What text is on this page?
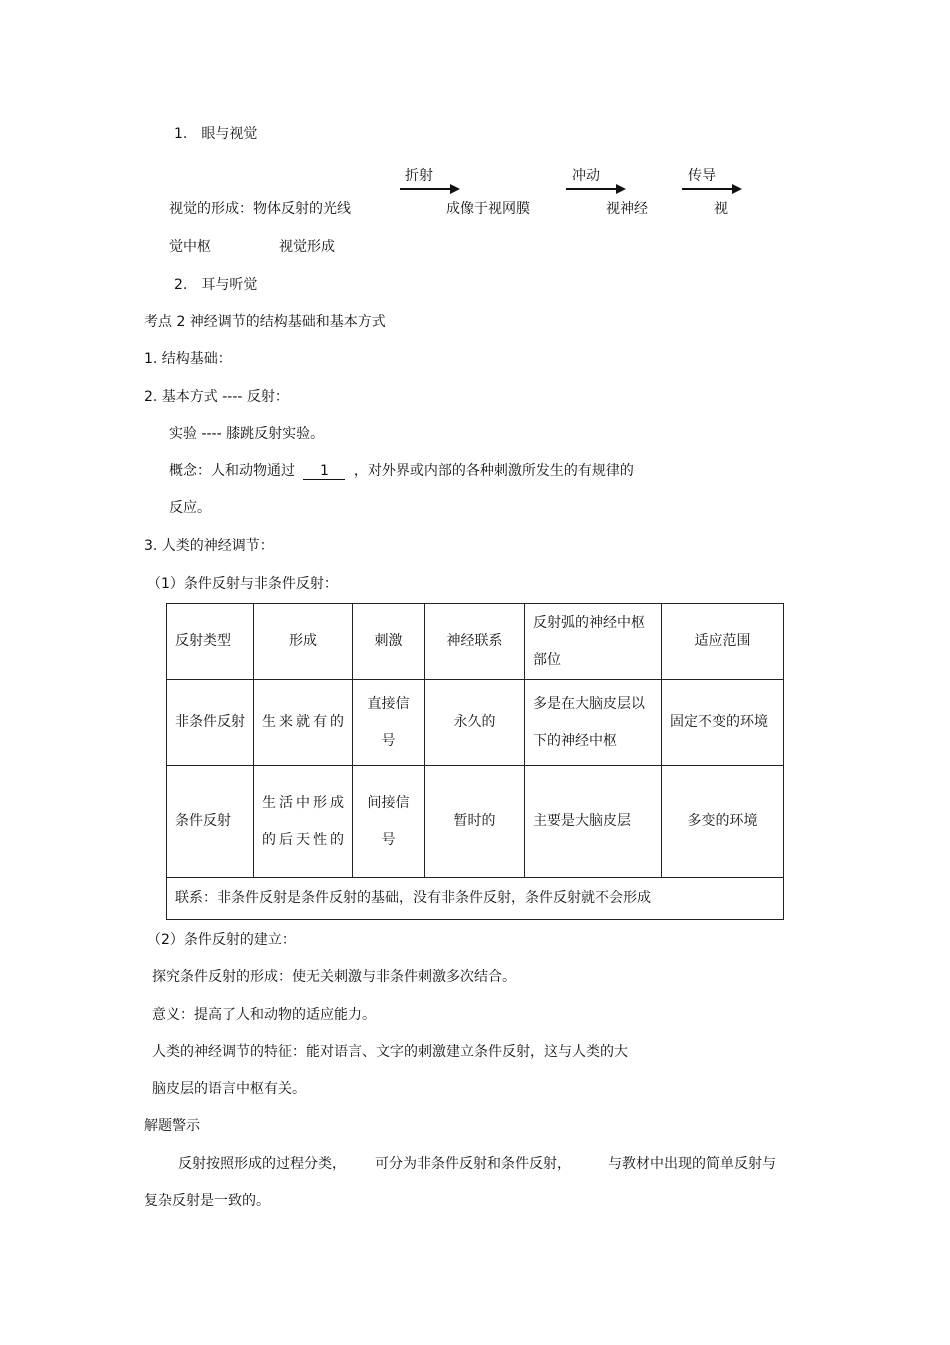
1.　眼与视觉
折射	冲动	传导
视觉的形成：物体反射的光线	成像于视网膜	视神经	视
觉中枢	视觉形成
2.　耳与听觉
考点 2 神经调节的结构基础和基本方式
1. 结构基础：
2. 基本方式 ---- 反射：
实验 ---- 膝跳反射实验。
概念：人和动物通过 1 ，对外界或内部的各种刺激所发生的有规律的
反应。
3. 人类的神经调节：
（1）条件反射与非条件反射：
反射类型	形成	刺激	神经联系	反射弧的神经中枢部位	适应范围
非条件反射	生来就有的	直接信号	永久的	多是在大脑皮层以下的神经中枢	固定不变的环境
条件反射	生活中形成的后天性的	间接信号	暂时的	主要是大脑皮层	多变的环境
联系：非条件反射是条件反射的基础，没有非条件反射，条件反射就不会形成					
（2）条件反射的建立：
探究条件反射的形成：使无关刺激与非条件刺激多次结合。
意义：提高了人和动物的适应能力。
人类的神经调节的特征：能对语言、文字的刺激建立条件反射，这与人类的大
脑皮层的语言中枢有关。
解题警示
反射按照形成的过程分类， 可分为非条件反射和条件反射，	与教材中出现的简单反射与
复杂反射是一致的。
